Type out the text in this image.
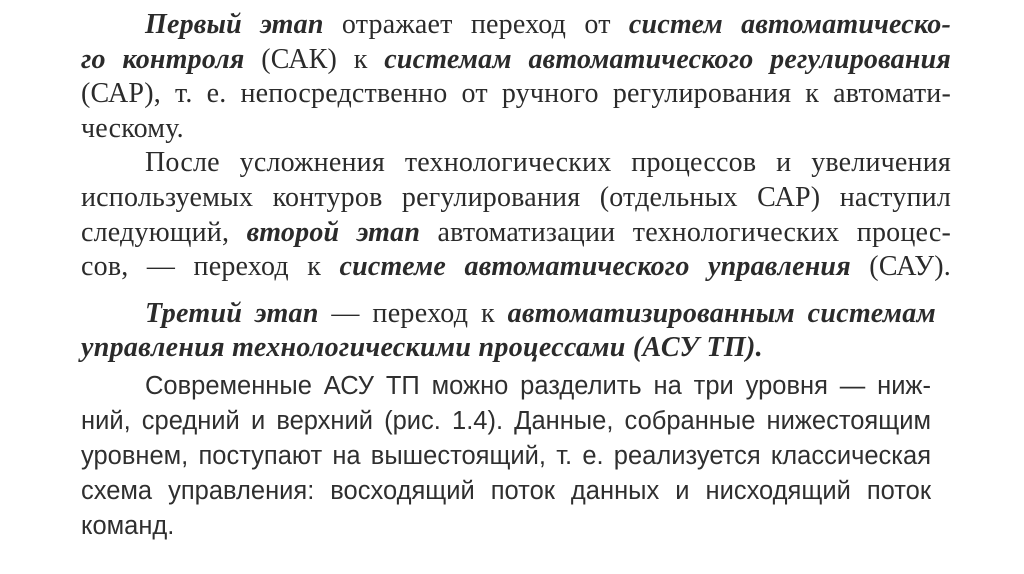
Первый этап отражает переход от систем автоматическо-
го контроля (САК) к системам автоматического регулирования
(САР), т. е. непосредственно от ручного регулирования к автомати-
ческому.

После усложнения технологических процессов и увеличения
используемых контуров регулирования (отдельных САР) наступил
следующий, второй этап автоматизации технологических процес-
сов, — переход к системе автоматического управления (САУ).

Третий этап — переход к автоматизированным системам
управления технологическими процессами (АСУ ТП).

Современные АСУ ТП можно разделить на три уровня — ниж-
ний, средний и верхний (рис. 1.4). Данные, собранные нижестоящим
уровнем, поступают на вышестоящий, т. е. реализуется классическая
схема управления: восходящий поток данных и нисходящий поток
команд.
